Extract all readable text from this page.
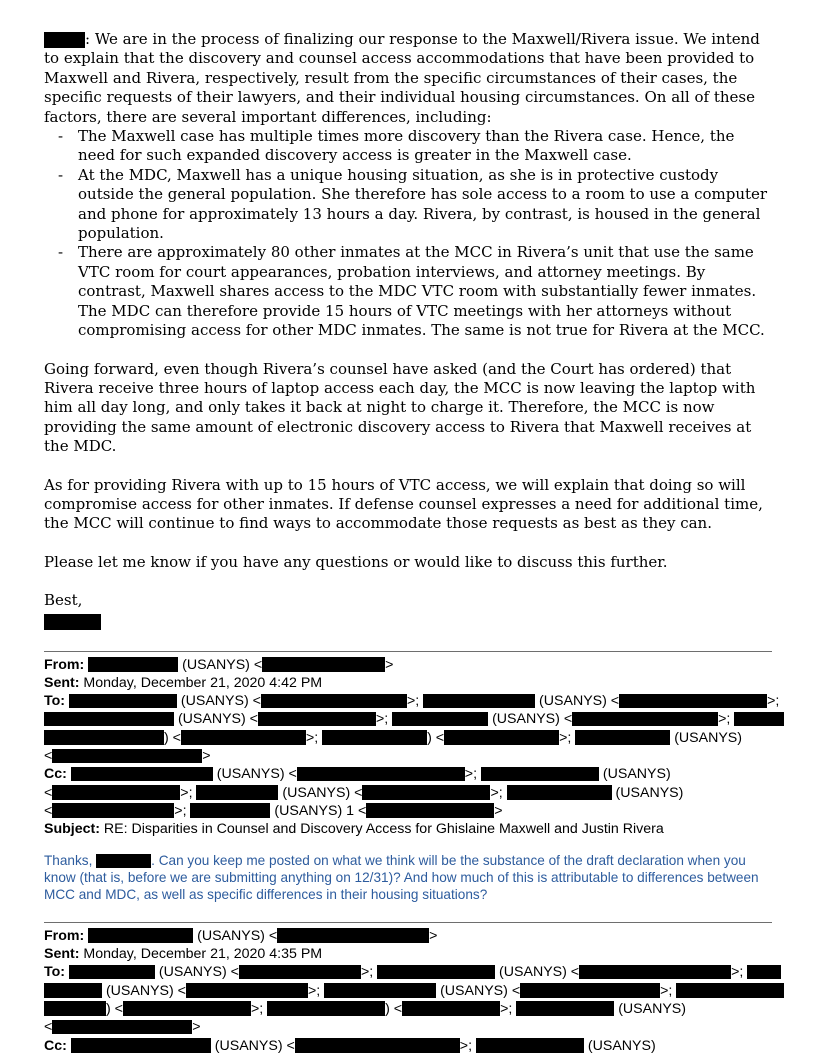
: We are in the process of finalizing our response to the Maxwell/Rivera issue. We intend to explain that the discovery and counsel access accommodations that have been provided to Maxwell and Rivera, respectively, result from the specific circumstances of their cases, the specific requests of their lawyers, and their individual housing circumstances. On all of these factors, there are several important differences, including:

- The Maxwell case has multiple times more discovery than the Rivera case. Hence, the need for such expanded discovery access is greater in the Maxwell case.
- At the MDC, Maxwell has a unique housing situation, as she is in protective custody outside the general population. She therefore has sole access to a room to use a computer and phone for approximately 13 hours a day. Rivera, by contrast, is housed in the general population.
- There are approximately 80 other inmates at the MCC in Rivera’s unit that use the same VTC room for court appearances, probation interviews, and attorney meetings. By contrast, Maxwell shares access to the MDC VTC room with substantially fewer inmates. The MDC can therefore provide 15 hours of VTC meetings with her attorneys without compromising access for other MDC inmates. The same is not true for Rivera at the MCC.

Going forward, even though Rivera’s counsel have asked (and the Court has ordered) that Rivera receive three hours of laptop access each day, the MCC is now leaving the laptop with him all day long, and only takes it back at night to charge it. Therefore, the MCC is now providing the same amount of electronic discovery access to Rivera that Maxwell receives at the MDC.

As for providing Rivera with up to 15 hours of VTC access, we will explain that doing so will compromise access for other inmates. If defense counsel expresses a need for additional time, the MCC will continue to find ways to accommodate those requests as best as they can.

Please let me know if you have any questions or would like to discuss this further.

Best,

From:	(USANYS) <	>
Sent: Monday, December 21, 2020 4:42 PM
To:	(USANYS) <	>;	(USANYS) <	>;
(USANYS) <	>;	(USANYS) <	>;
) <	>;	) <	>;	(USANYS)
<	>
Cc:	(USANYS) <	>;	(USANYS)
<	>;	(USANYS) <	>;	(USANYS)
<	>;	(USANYS) 1 <	>
Subject: RE: Disparities in Counsel and Discovery Access for Ghislaine Maxwell and Justin Rivera
Thanks,	. Can you keep me posted on what we think will be the substance of the draft declaration when you know (that is, before we are submitting anything on 12/31)? And how much of this is attributable to differences between MCC and MDC, as well as specific differences in their housing situations?
From:	(USANYS) <	>
Sent: Monday, December 21, 2020 4:35 PM
To:	(USANYS) <	>;	(USANYS) <	>;
(USANYS) <	>;	(USANYS) <	>;
) <	>;	) <	>;	(USANYS)
<	>
Cc:	(USANYS) <	>;	(USANYS)
